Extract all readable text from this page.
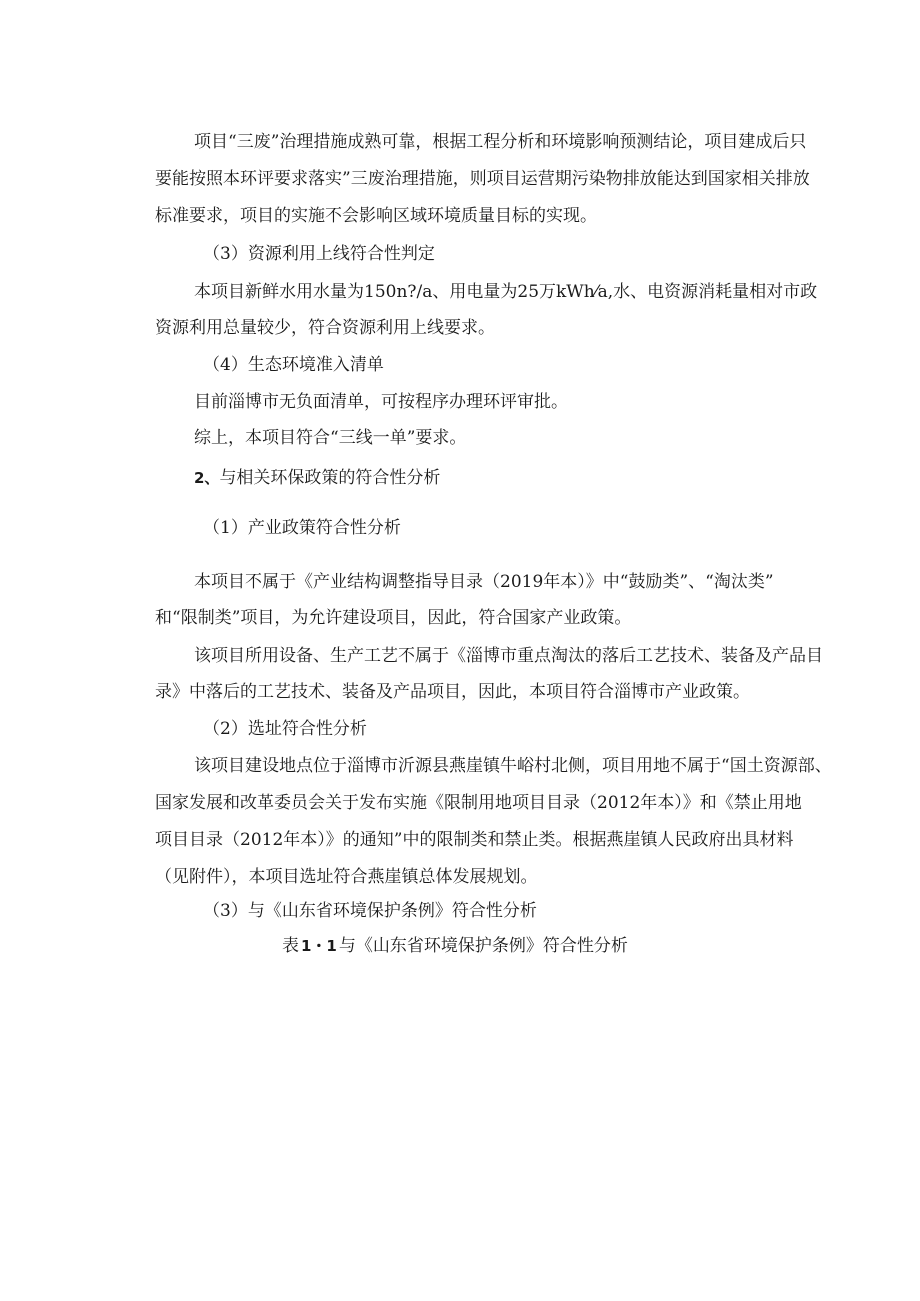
项目“三废”治理措施成熟可靠，根据工程分析和环境影响预测结论，项目建成后只
要能按照本环评要求落实”三废治理措施，则项目运营期污染物排放能达到国家相关排放
标准要求，项目的实施不会影响区域环境质量目标的实现。
（3）资源利用上线符合性判定
本项目新鲜水用水量为150n?/a、用电量为25万kWh⁄a,水、电资源消耗量相对市政
资源利用总量较少，符合资源利用上线要求。
（4）生态环境准入清单
目前淄博市无负面清单，可按程序办理环评审批。
综上，本项目符合“三线一单”要求。
2、与相关环保政策的符合性分析
（1）产业政策符合性分析
本项目不属于《产业结构调整指导目录（2019年本）》中“鼓励类”、“淘汰类”
和“限制类”项目，为允许建设项目，因此，符合国家产业政策。
该项目所用设备、生产工艺不属于《淄博市重点淘汰的落后工艺技术、装备及产品目
录》中落后的工艺技术、装备及产品项目，因此，本项目符合淄博市产业政策。
（2）选址符合性分析
该项目建设地点位于淄博市沂源县燕崖镇牛峪村北侧，项目用地不属于“国土资源部、
国家发展和改革委员会关于发布实施《限制用地项目目录（2012年本）》和《禁止用地
项目目录（2012年本）》的通知”中的限制类和禁止类。根据燕崖镇人民政府出具材料
（见附件），本项目选址符合燕崖镇总体发展规划。
（3）与《山东省环境保护条例》符合性分析
表 1・1 与《山东省环境保护条例》符合性分析
